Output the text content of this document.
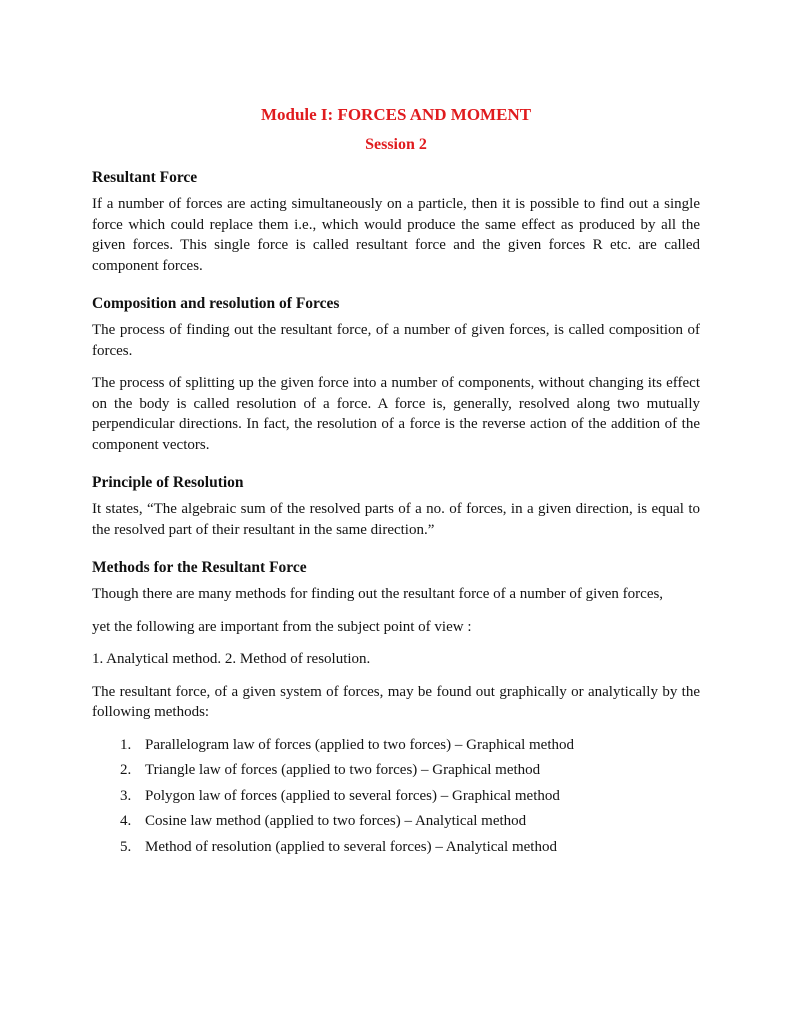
Module I: FORCES AND MOMENT
Session 2
Resultant Force

If a number of forces are acting simultaneously on a particle, then it is possible to find out a single force which could replace them i.e., which would produce the same effect as produced by all the given forces. This single force is called resultant force and the given forces R etc. are called component forces.

Composition and resolution of Forces

The process of finding out the resultant force, of a number of given forces, is called composition of forces.

The process of splitting up the given force into a number of components, without changing its effect on the body is called resolution of a force. A force is, generally, resolved along two mutually perpendicular directions. In fact, the resolution of a force is the reverse action of the addition of the component vectors.

Principle of Resolution

It states, “The algebraic sum of the resolved parts of a no. of forces, in a given direction, is equal to the resolved part of their resultant in the same direction.”

Methods for the Resultant Force

Though there are many methods for finding out the resultant force of a number of given forces,

yet the following are important from the subject point of view :

1. Analytical method. 2. Method of resolution.

The resultant force, of a given system of forces, may be found out graphically or analytically by the following methods:

1. Parallelogram law of forces (applied to two forces) – Graphical method
2. Triangle law of forces (applied to two forces) – Graphical method
3. Polygon law of forces (applied to several forces) – Graphical method
4. Cosine law method (applied to two forces) – Analytical method
5. Method of resolution (applied to several forces) – Analytical method
